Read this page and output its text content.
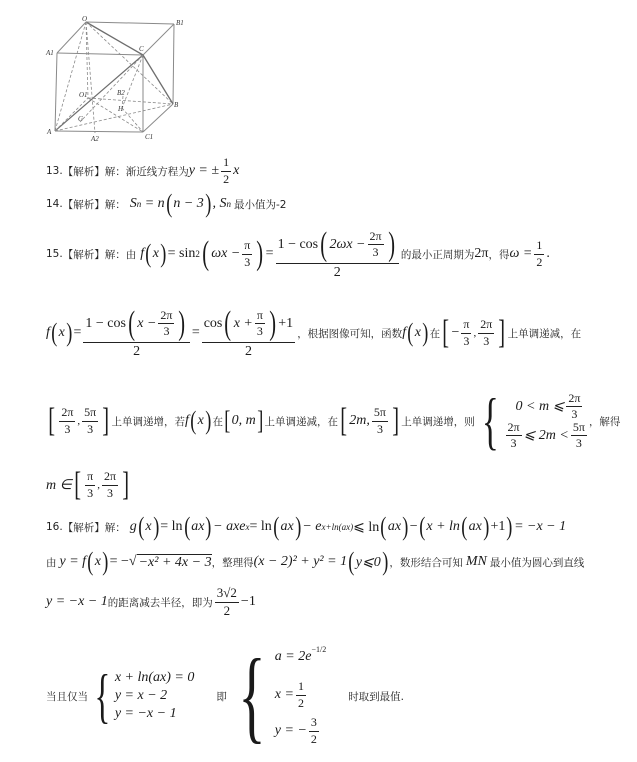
O	B1
A1	C
O1	B2
B
H
A
G
A2	C1
13. 【解析】 解： 渐近线方程为 y = ± $\frac{1}{2}$ x
14. 【解析】 解： S n = n ( n − 3 ) , S n 最小值为-2
15. 【解析】 解：由 f ( x ) = sin 2 ( $\omega x - \frac{\pi}{3}$ ) = $\frac{1 - \cos ( 2\omega x - \frac{2\pi}{3} )}{2}$ 的最小正周期为 2π ，得 $\omega = \frac{1}{2}$ .
f ( x ) = $\frac{1 - \cos ( x - \frac{2\pi}{3} )}{2} = \frac{\cos ( x + \frac{\pi}{3} ) +1}{2}$ ，根据图像可知，函数 f ( x ) 在 [ − $\frac{\pi}{3}$ , $\frac{2\pi}{3}$ ] 上单调递减，在
[ $\frac{2\pi}{3}$ , $\frac{5\pi}{3}$ ] 上单调递增，若 f ( x ) 在 [ 0, m ] 上单调递减，在 [ 2m, $\frac{5\pi}{3}$ ] 上单调递增，则 { 0 < m ⩽ $\frac{2\pi}{3}$
$\frac{2\pi}{3}$ ⩽ $2m < \frac{5\pi}{3}$ ，解得
m ∈ [ $\frac{\pi}{3}$ , $\frac{2\pi}{3}$ ]
16. 【解析】 解： g ( x ) = ln ( ax ) − axe x = ln ( ax ) − e x+ln(ax) ⩽ ln ( ax ) − ( x + ln ( ax ) +1 ) = −x − 1
由 y = f ( x ) = − √ −x² + 4x − 3 ，整理得 (x − 2)² + y² = 1 ( y⩽0 ) ，数形结合可知 MN 最小值为圆心到直线
y = −x − 1 的距离减去半径，即为 $\frac{3√2}{2} -1$
当且仅当 { x + ln(ax) = 0
y = x − 2
y = −x − 1
即 { a = 2e −1/2
$x = \frac{1}{2}$
y = − $\frac{3}{2}$
时取到最值.
